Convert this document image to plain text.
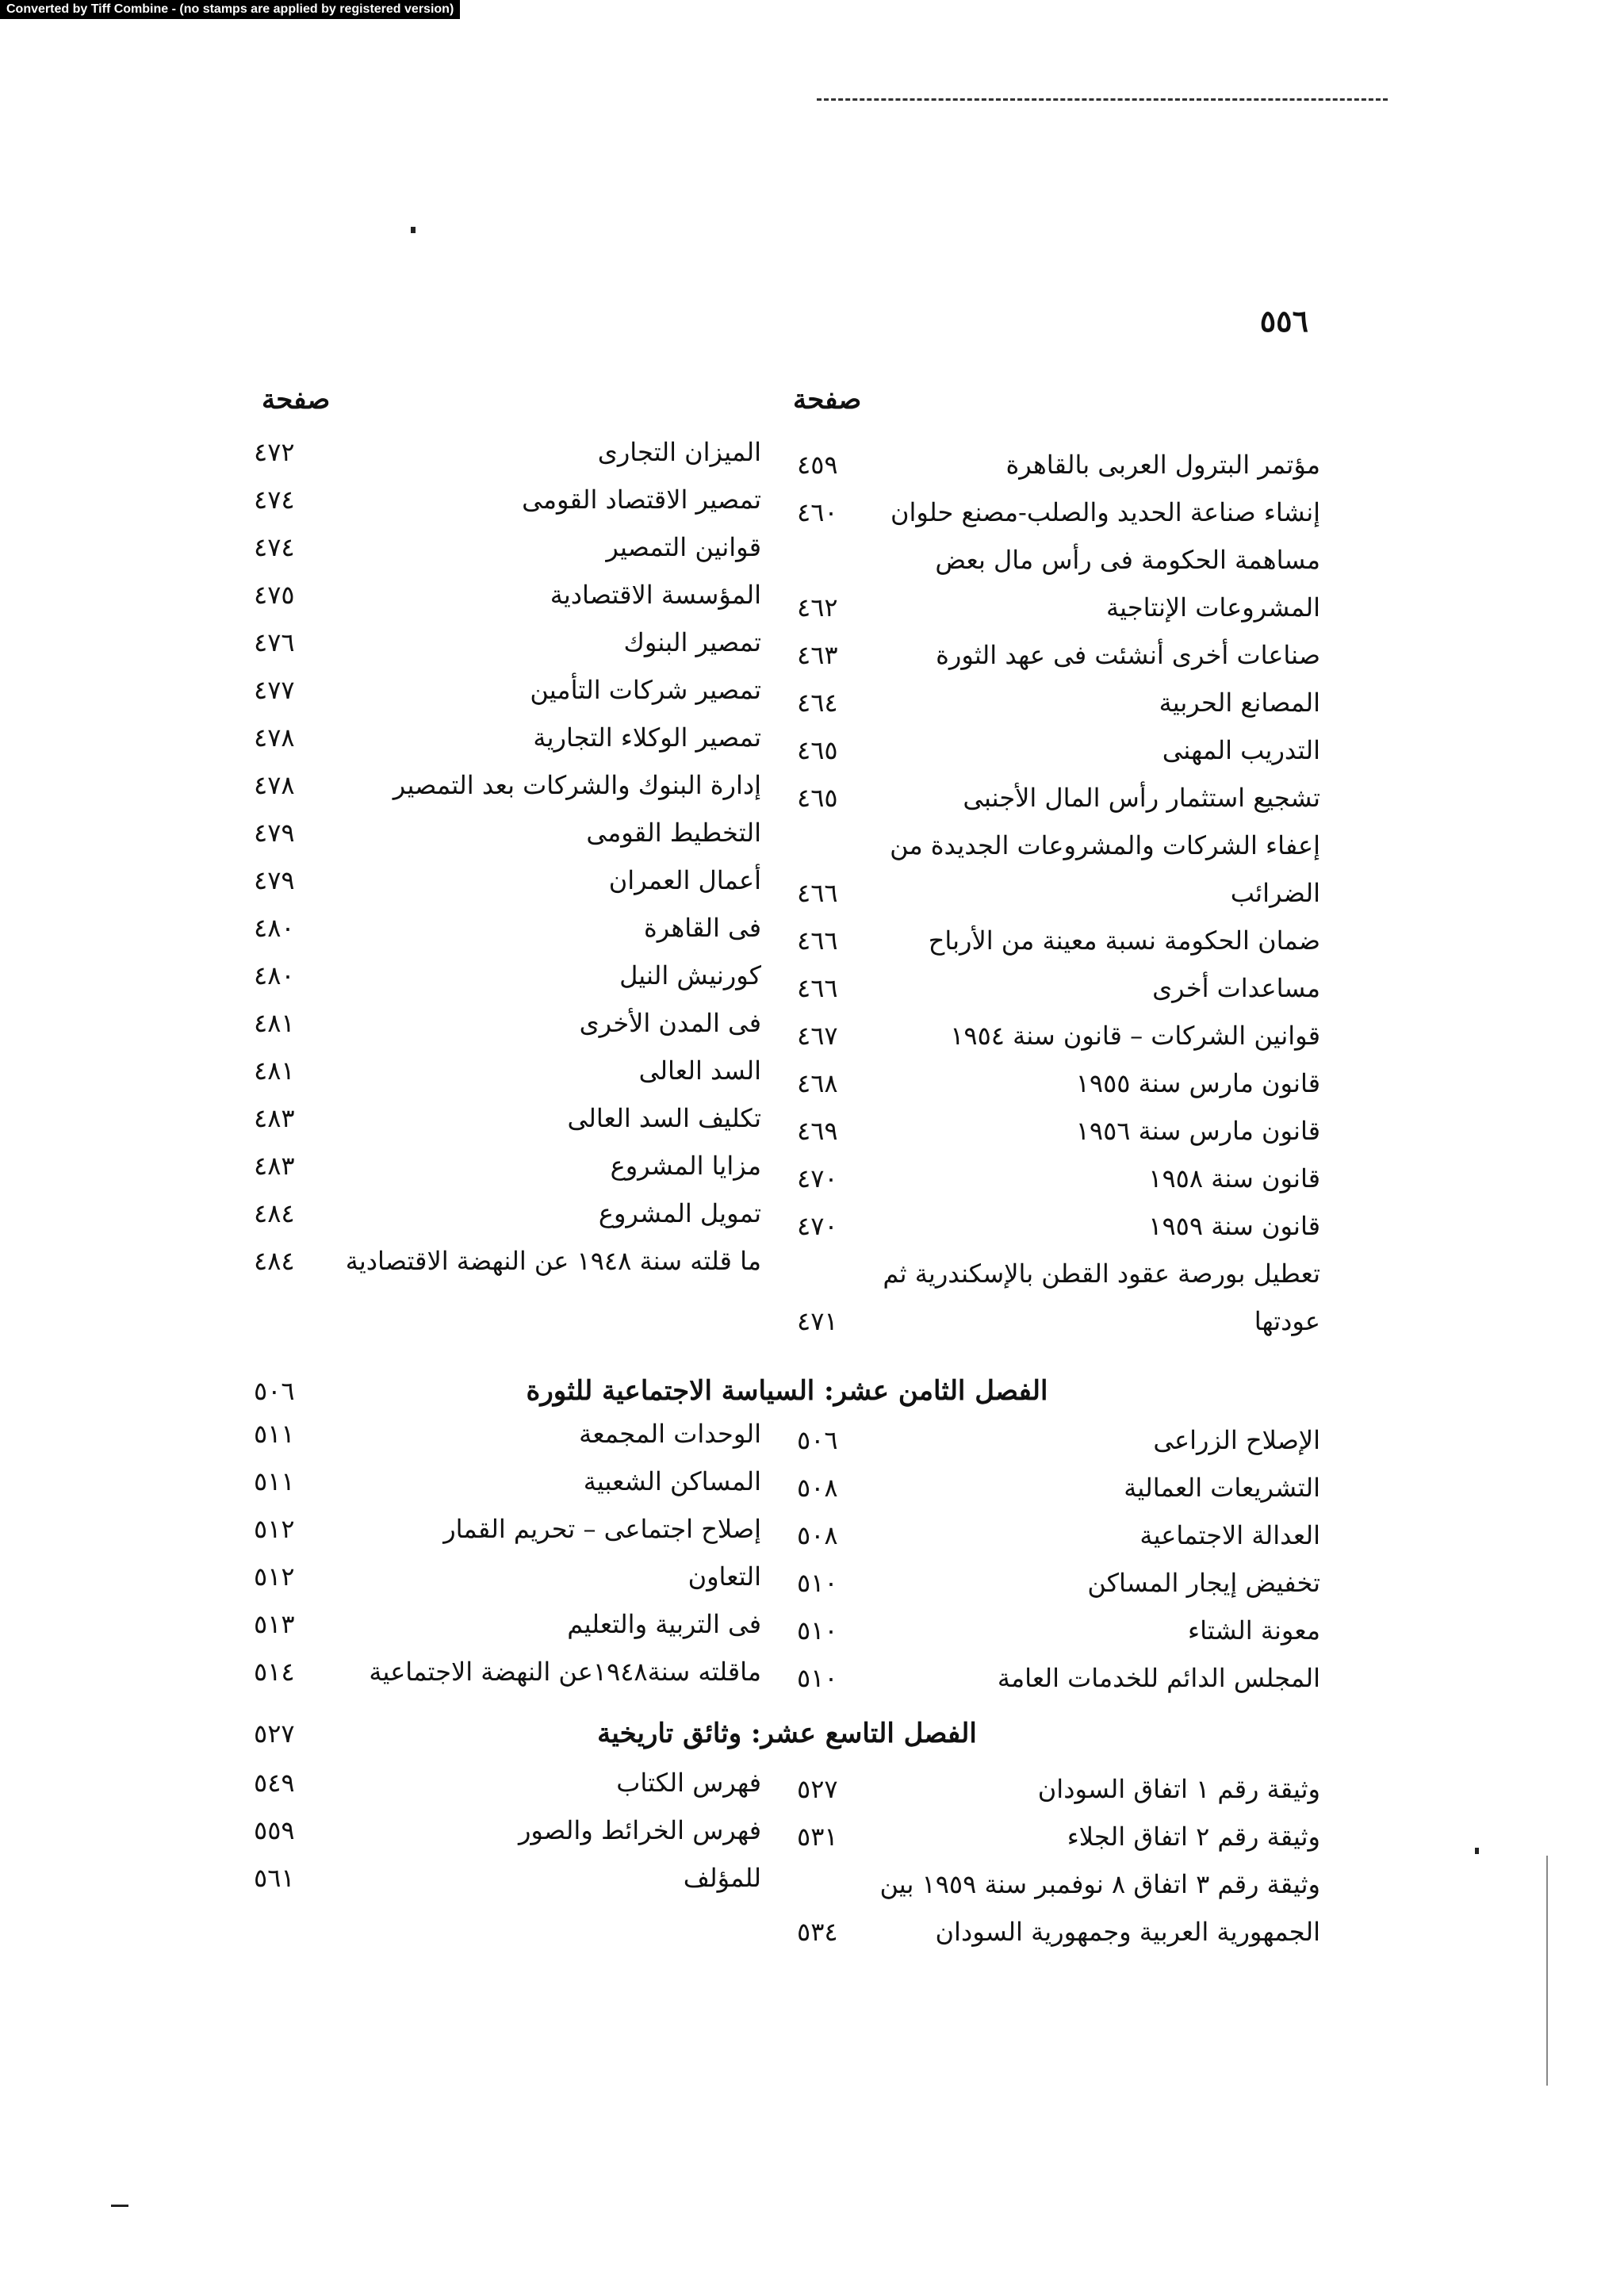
Converted by Tiff Combine - (no stamps are applied by registered version)
٥٥٦
صفحة	صفحة
مؤتمر البترول العربى بالقاهرة
٤٥٩
إنشاء صناعة الحديد والصلب-مصنع حلوان
٤٦٠
مساهمة الحكومة فى رأس مال بعض
المشروعات الإنتاجية
٤٦٢
صناعات أخرى أنشئت فى عهد الثورة
٤٦٣
المصانع الحربية
٤٦٤
التدريب المهنى
٤٦٥
تشجيع استثمار رأس المال الأجنبى
٤٦٥
إعفاء الشركات والمشروعات الجديدة من
الضرائب
٤٦٦
ضمان الحكومة نسبة معينة من الأرباح
٤٦٦
مساعدات أخرى
٤٦٦
قوانين الشركات – قانون سنة ١٩٥٤
٤٦٧
قانون مارس سنة ١٩٥٥
٤٦٨
قانون مارس سنة ١٩٥٦
٤٦٩
قانون سنة ١٩٥٨
٤٧٠
قانون سنة ١٩٥٩
٤٧٠
تعطيل بورصة عقود القطن بالإسكندرية ثم
عودتها
٤٧١
الميزان التجارى
٤٧٢
تمصير الاقتصاد القومى
٤٧٤
قوانين التمصير
٤٧٤
المؤسسة الاقتصادية
٤٧٥
تمصير البنوك
٤٧٦
تمصير شركات التأمين
٤٧٧
تمصير الوكلاء التجارية
٤٧٨
إدارة البنوك والشركات بعد التمصير
٤٧٨
التخطيط القومى
٤٧٩
أعمال العمران
٤٧٩
فى القاهرة
٤٨٠
كورنيش النيل
٤٨٠
فى المدن الأخرى
٤٨١
السد العالى
٤٨١
تكليف السد العالى
٤٨٣
مزايا المشروع
٤٨٣
تمويل المشروع
٤٨٤
ما قلته سنة ١٩٤٨ عن النهضة الاقتصادية
٤٨٤
الفصل الثامن عشر: السياسة الاجتماعية للثورة
٥٠٦
الإصلاح الزراعى
٥٠٦
التشريعات العمالية
٥٠٨
العدالة الاجتماعية
٥٠٨
تخفيض إيجار المساكن
٥١٠
معونة الشتاء
٥١٠
المجلس الدائم للخدمات العامة
٥١٠
الوحدات المجمعة
٥١١
المساكن الشعبية
٥١١
إصلاح اجتماعى – تحريم القمار
٥١٢
التعاون
٥١٢
فى التربية والتعليم
٥١٣
ماقلته سنة١٩٤٨عن النهضة الاجتماعية
٥١٤
الفصل التاسع عشر: وثائق تاريخية
٥٢٧
وثيقة رقم ١ اتفاق السودان
٥٢٧
وثيقة رقم ٢ اتفاق الجلاء
٥٣١
وثيقة رقم ٣ اتفاق ٨ نوفمبر سنة ١٩٥٩ بين
الجمهورية العربية وجمهورية السودان
٥٣٤
فهرس الكتاب
٥٤٩
فهرس الخرائط والصور
٥٥٩
للمؤلف
٥٦١
